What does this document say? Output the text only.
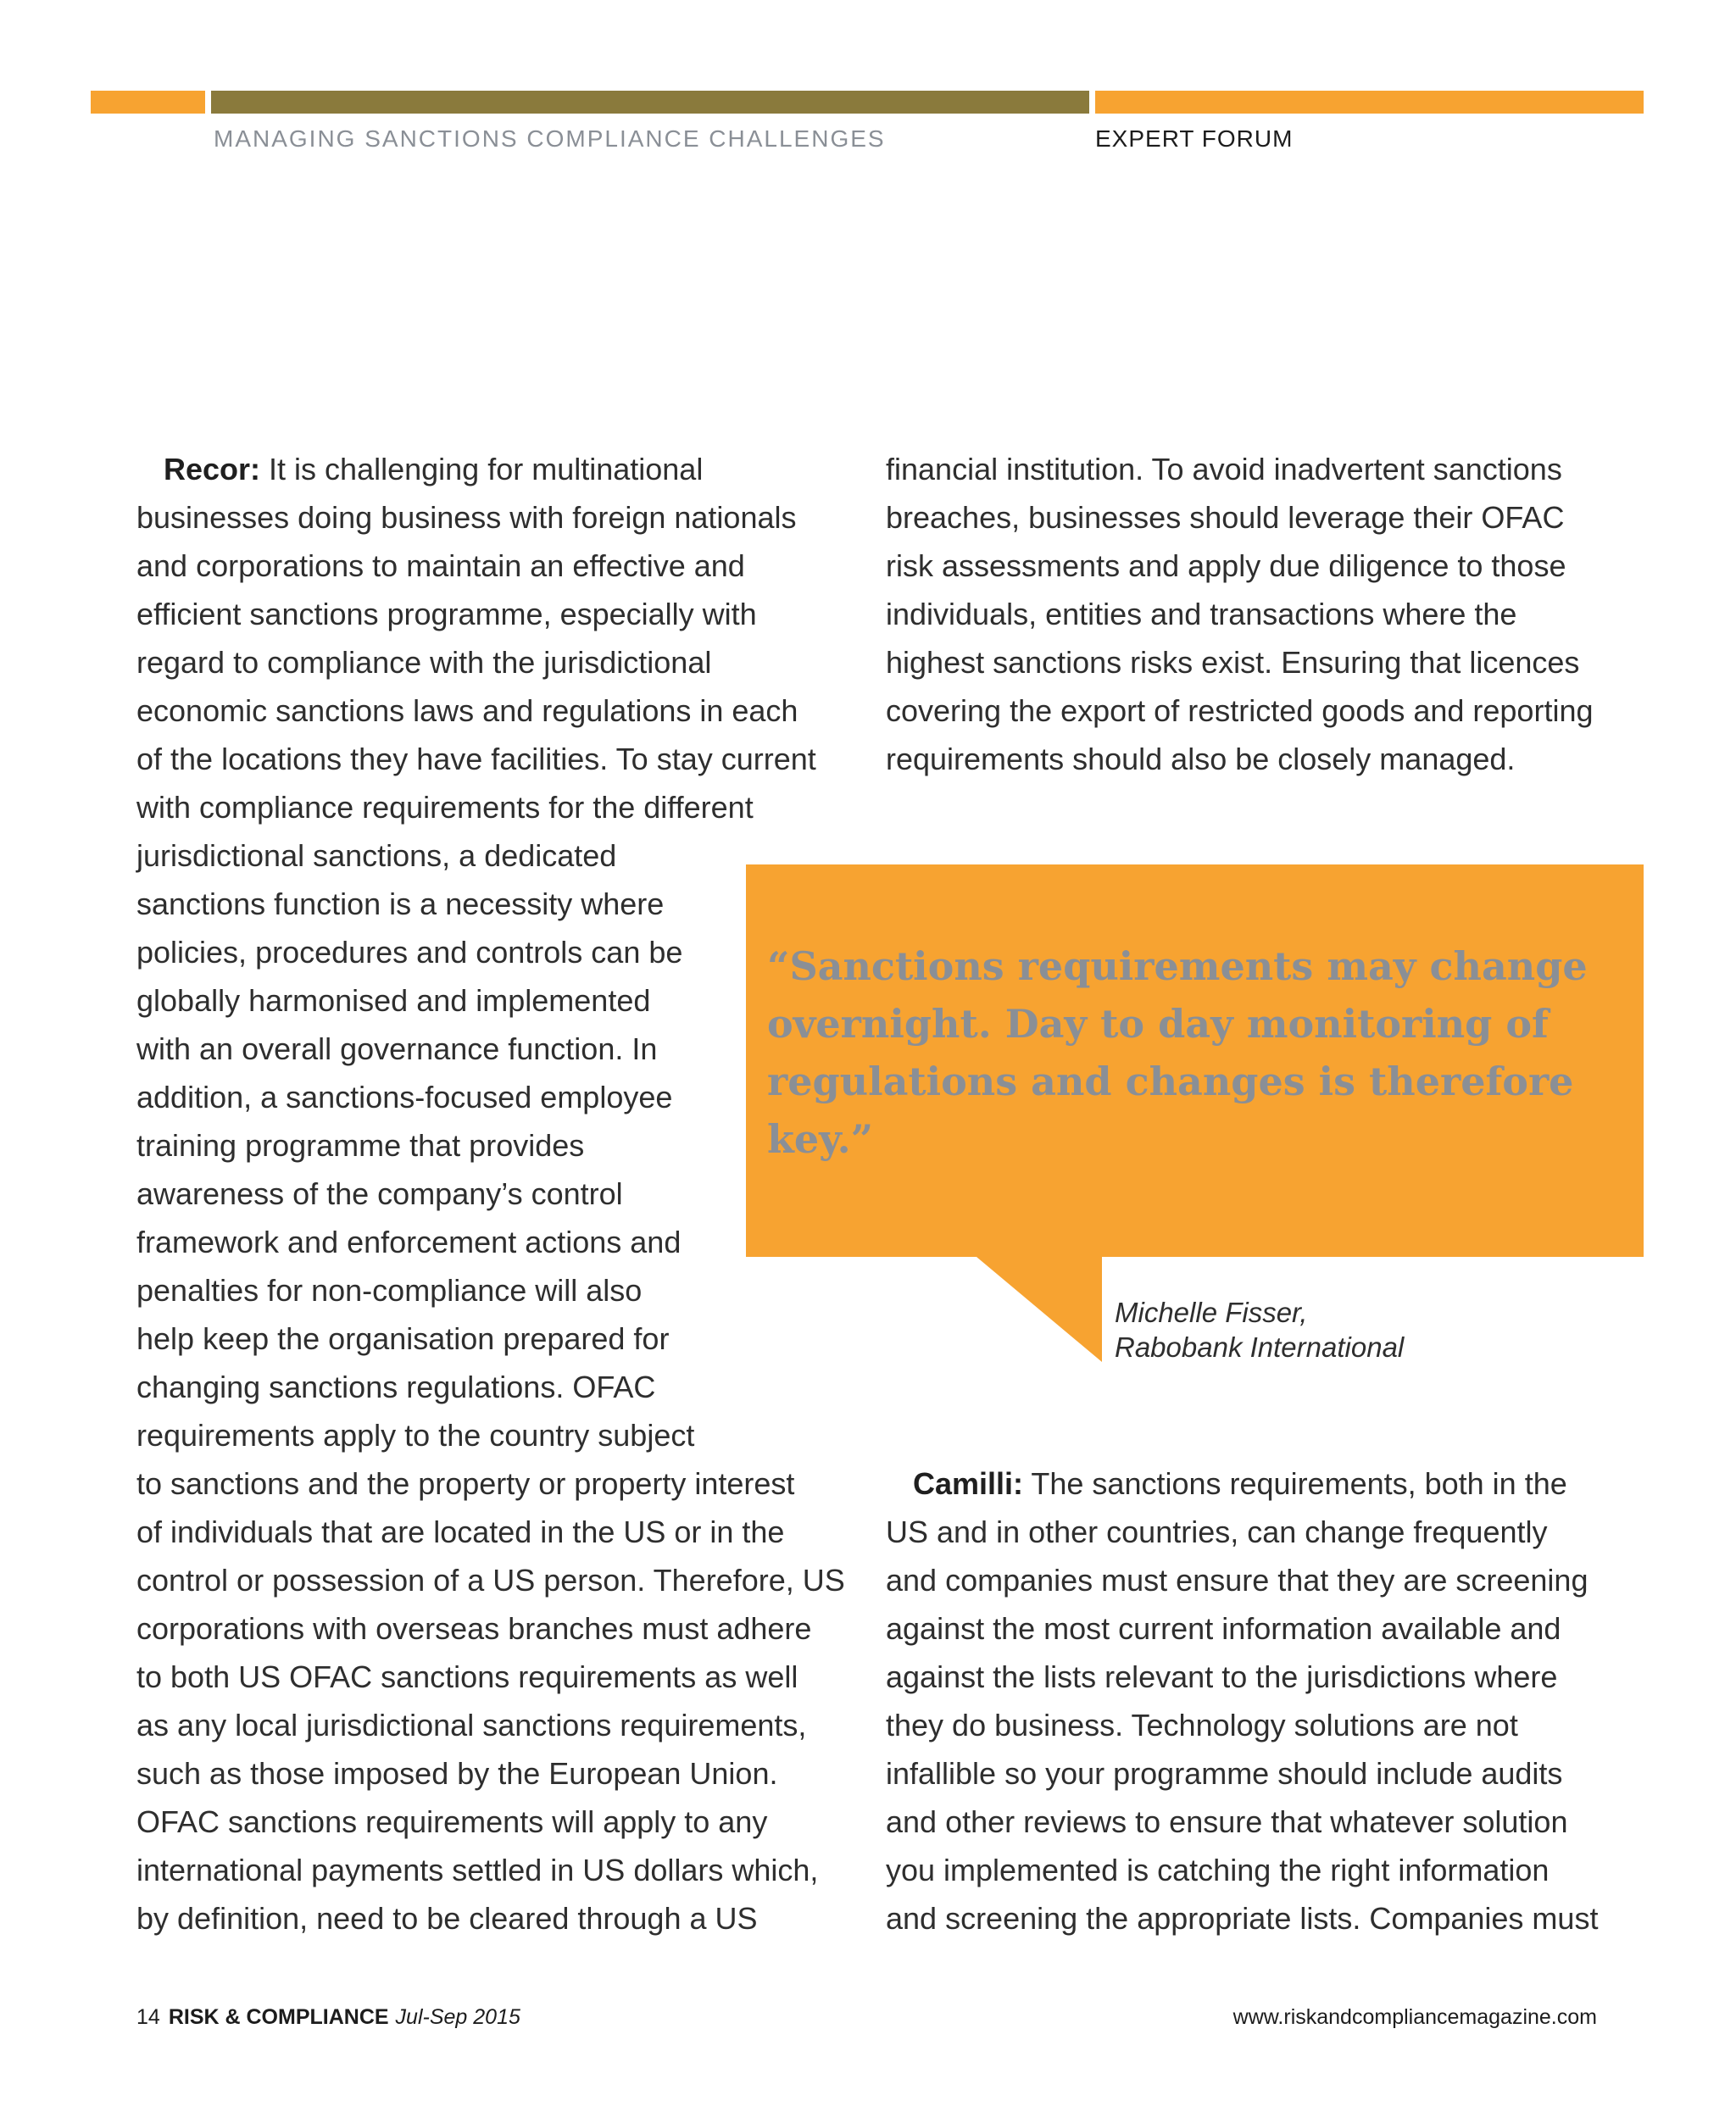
MANAGING SANCTIONS COMPLIANCE CHALLENGES	EXPERT FORUM
Recor: It is challenging for multinational
businesses doing business with foreign nationals
and corporations to maintain an effective and
efficient sanctions programme, especially with
regard to compliance with the jurisdictional
economic sanctions laws and regulations in each
of the locations they have facilities. To stay current
with compliance requirements for the different
jurisdictional sanctions, a dedicated
sanctions function is a necessity where
policies, procedures and controls can be
globally harmonised and implemented
with an overall governance function. In
addition, a sanctions-focused employee
training programme that provides
awareness of the company’s control
framework and enforcement actions and
penalties for non-compliance will also
help keep the organisation prepared for
changing sanctions regulations. OFAC
requirements apply to the country subject
to sanctions and the property or property interest
of individuals that are located in the US or in the
control or possession of a US person. Therefore, US
corporations with overseas branches must adhere
to both US OFAC sanctions requirements as well
as any local jurisdictional sanctions requirements,
such as those imposed by the European Union.
OFAC sanctions requirements will apply to any
international payments settled in US dollars which,
by definition, need to be cleared through a US
financial institution. To avoid inadvertent sanctions
breaches, businesses should leverage their OFAC
risk assessments and apply due diligence to those
individuals, entities and transactions where the
highest sanctions risks exist. Ensuring that licences
covering the export of restricted goods and reporting
requirements should also be closely managed.
“Sanctions requirements may change
overnight. Day to day monitoring of
regulations and changes is therefore
key.”
Michelle Fisser,
Rabobank International
Camilli: The sanctions requirements, both in the
US and in other countries, can change frequently
and companies must ensure that they are screening
against the most current information available and
against the lists relevant to the jurisdictions where
they do business. Technology solutions are not
infallible so your programme should include audits
and other reviews to ensure that whatever solution
you implemented is catching the right information
and screening the appropriate lists. Companies must
14 RISK & COMPLIANCE Jul-Sep 2015	www.riskandcompliancemagazine.com
